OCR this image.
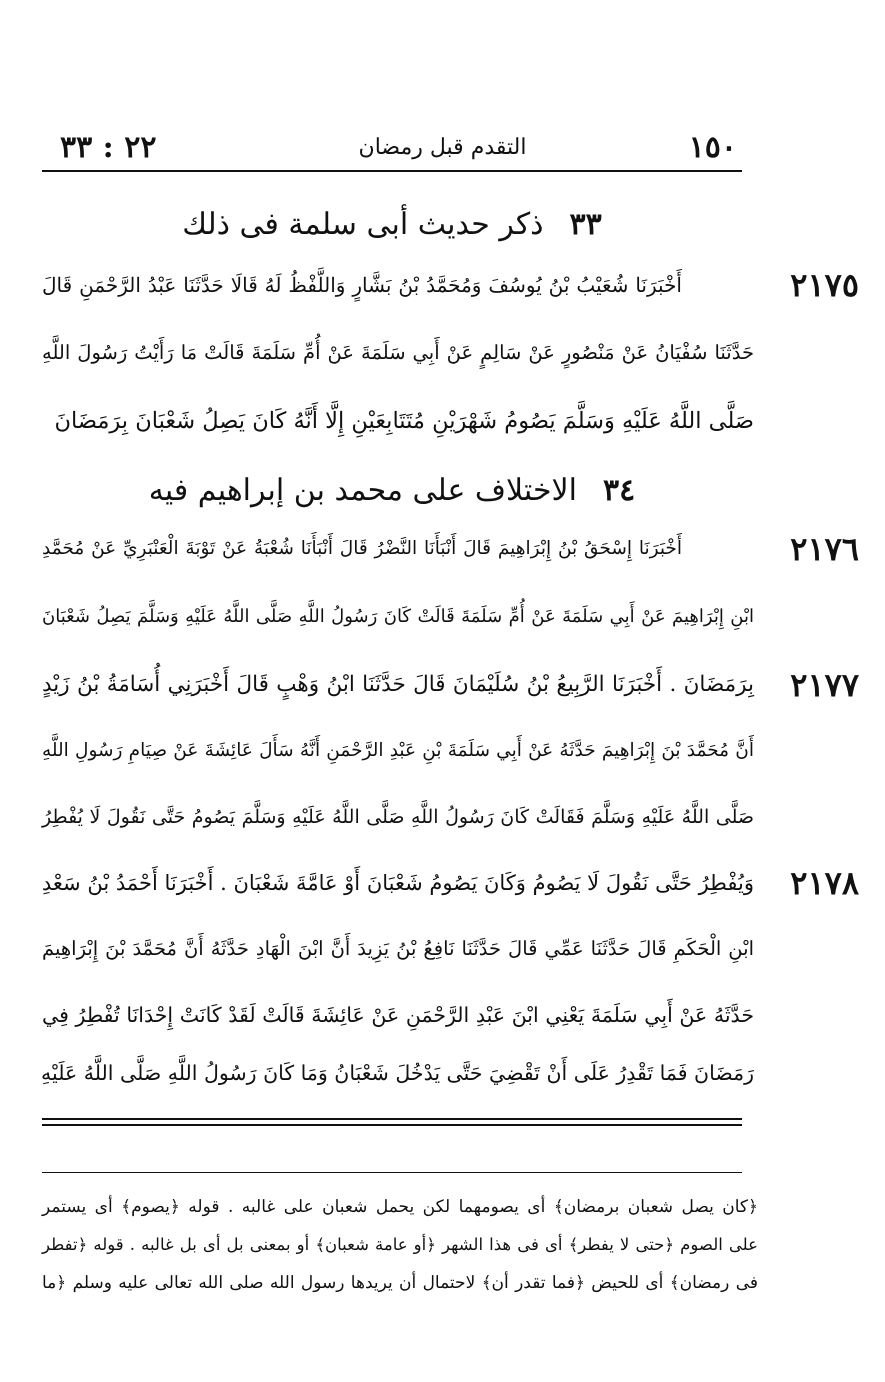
١٥٠
التقدم قبل رمضان
٢٢ : ٣٣
٣٣ذكر حديث أبى سلمة فى ذلك
٢١٧٥
أَخْبَرَنَا شُعَيْبُ بْنُ يُوسُفَ وَمُحَمَّدُ بْنُ بَشَّارٍ وَاللَّفْظُ لَهُ قَالَا حَدَّثَنَا عَبْدُ الرَّحْمَنِ قَالَ
حَدَّثَنَا سُفْيَانُ عَنْ مَنْصُورٍ عَنْ سَالِمٍ عَنْ أَبِي سَلَمَةَ عَنْ أُمِّ سَلَمَةَ قَالَتْ مَا رَأَيْتُ رَسُولَ اللَّهِ
صَلَّى اللَّهُ عَلَيْهِ وَسَلَّمَ يَصُومُ شَهْرَيْنِ مُتَتَابِعَيْنِ إِلَّا أَنَّهُ كَانَ يَصِلُ شَعْبَانَ بِرَمَضَانَ
٣٤الاختلاف على محمد بن إبراهيم فيه
٢١٧٦
أَخْبَرَنَا إِسْحَقُ بْنُ إِبْرَاهِيمَ قَالَ أَنْبَأَنَا النَّضْرُ قَالَ أَنْبَأَنَا شُعْبَةُ عَنْ تَوْبَةَ الْعَنْبَرِيِّ عَنْ مُحَمَّدِ
ابْنِ إِبْرَاهِيمَ عَنْ أَبِي سَلَمَةَ عَنْ أُمِّ سَلَمَةَ قَالَتْ كَانَ رَسُولُ اللَّهِ صَلَّى اللَّهُ عَلَيْهِ وَسَلَّمَ يَصِلُ شَعْبَانَ
٢١٧٧
بِرَمَضَانَ . أَخْبَرَنَا الرَّبِيعُ بْنُ سُلَيْمَانَ قَالَ حَدَّثَنَا ابْنُ وَهْبٍ قَالَ أَخْبَرَنِي أُسَامَةُ بْنُ زَيْدٍ
أَنَّ مُحَمَّدَ بْنَ إِبْرَاهِيمَ حَدَّثَهُ عَنْ أَبِي سَلَمَةَ بْنِ عَبْدِ الرَّحْمَنِ أَنَّهُ سَأَلَ عَائِشَةَ عَنْ صِيَامِ رَسُولِ اللَّهِ
صَلَّى اللَّهُ عَلَيْهِ وَسَلَّمَ فَقَالَتْ كَانَ رَسُولُ اللَّهِ صَلَّى اللَّهُ عَلَيْهِ وَسَلَّمَ يَصُومُ حَتَّى نَقُولَ لَا يُفْطِرُ
٢١٧٨
وَيُفْطِرُ حَتَّى نَقُولَ لَا يَصُومُ وَكَانَ يَصُومُ شَعْبَانَ أَوْ عَامَّةَ شَعْبَانَ . أَخْبَرَنَا أَحْمَدُ بْنُ سَعْدِ
ابْنِ الْحَكَمِ قَالَ حَدَّثَنَا عَمِّي قَالَ حَدَّثَنَا نَافِعُ بْنُ يَزِيدَ أَنَّ ابْنَ الْهَادِ حَدَّثَهُ أَنَّ مُحَمَّدَ بْنَ إِبْرَاهِيمَ
حَدَّثَهُ عَنْ أَبِي سَلَمَةَ يَعْنِي ابْنَ عَبْدِ الرَّحْمَنِ عَنْ عَائِشَةَ قَالَتْ لَقَدْ كَانَتْ إِحْدَانَا تُفْطِرُ فِي
رَمَضَانَ فَمَا تَقْدِرُ عَلَى أَنْ تَقْضِيَ حَتَّى يَدْخُلَ شَعْبَانُ وَمَا كَانَ رَسُولُ اللَّهِ صَلَّى اللَّهُ عَلَيْهِ
﴿كان يصل شعبان برمضان﴾ أى يصومهما لكن يحمل شعبان على غالبه . قوله ﴿يصوم﴾ أى يستمر
على الصوم ﴿حتى لا يفطر﴾ أى فى هذا الشهر ﴿أو عامة شعبان﴾ أو بمعنى بل أى بل غالبه . قوله ﴿تفطر
فى رمضان﴾ أى للحيض ﴿فما تقدر أن﴾ لاحتمال أن يريدها رسول الله صلى الله تعالى عليه وسلم ﴿ما
